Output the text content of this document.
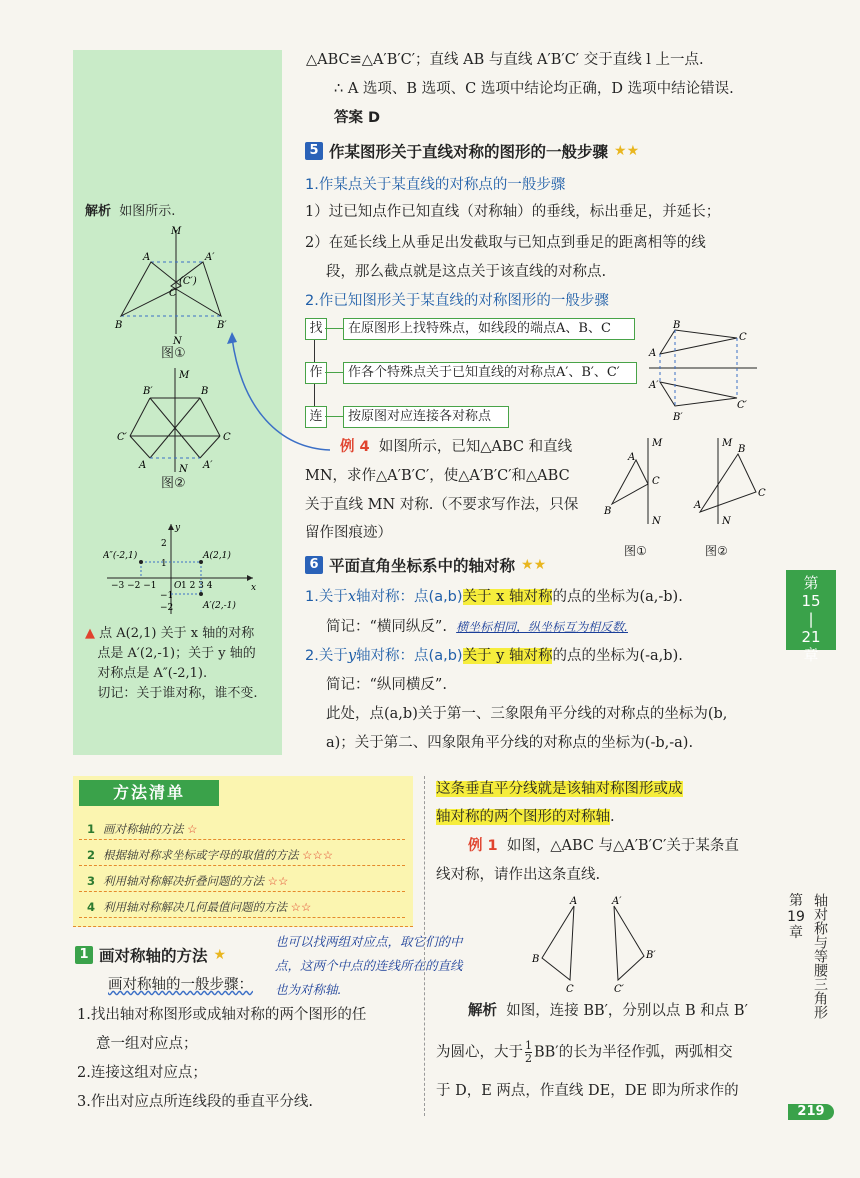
解析 如图所示.
M
A	A′
(C′)
C
B	B′
N
图①
M
B′	B
C′	C
A	A′
N
图②
y
x
O
A″(-2,1)	A(2,1)
A′(2,-1)
−3 −2 −1	1 2 3 4
1
−1
−2
2
▲ 点 A(2,1) 关于 x 轴的对称
点是 A′(2,-1)；关于 y 轴的
对称点是 A″(-2,1).
切记：关于谁对称，谁不变.
△ABC≌△A′B′C′；直线 AB 与直线 A′B′C′ 交于直线 l 上一点.
∴ A 选项、B 选项、C 选项中结论均正确，D 选项中结论错误.
答案 D
5 作某图形关于直线对称的图形的一般步骤 ★★
1.作某点关于某直线的对称点的一般步骤
1）过已知点作已知直线（对称轴）的垂线，标出垂足，并延长；
2）在延长线上从垂足出发截取与已知点到垂足的距离相等的线
段，那么截点就是这点关于该直线的对称点.
2.作已知图形关于某直线的对称图形的一般步骤
找	在原图形上找特殊点，如线段的端点A、B、C
作	作各个特殊点关于已知直线的对称点A′、B′、C′
连	按原图对应连接各对称点
B
A
C
A′
B′
C′
例 4 如图所示，已知△ABC 和直线
MN，求作△A′B′C′，使△A′B′C′和△ABC
关于直线 MN 对称.（不要求写作法，只保
留作图痕迹）
M
A
C
B
N
M
B
C
A
N
图①	图②
6 平面直角坐标系中的轴对称 ★★
1.关于x轴对称：点(a,b)关于 x 轴对称的点的坐标为(a,-b).
简记：“横同纵反”. 横坐标相同，纵坐标互为相反数.
2.关于y轴对称：点(a,b)关于 y 轴对称的点的坐标为(-a,b).
简记：“纵同横反”.
此处，点(a,b)关于第一、三象限角平分线的对称点的坐标为(b,
a)；关于第二、四象限角平分线的对称点的坐标为(-b,-a).
第
15
|
21
章
方法清单
1 画对称轴的方法 ☆
2 根据轴对称求坐标或字母的取值的方法 ☆☆☆
3 利用轴对称解决折叠问题的方法 ☆☆
4 利用轴对称解决几何最值问题的方法 ☆☆
1 画对称轴的方法 ★
也可以找两组对应点，取它们的中
点，这两个中点的连线所在的直线
也为对称轴.
画对称轴的一般步骤：
1.找出轴对称图形或成轴对称的两个图形的任
意一组对应点；
2.连接这组对应点；
3.作出对应点所连线段的垂直平分线.
这条垂直平分线就是该轴对称图形或成
轴对称的两个图形的对称轴.
例 1 如图，△ABC 与△A′B′C′关于某条直
线对称，请作出这条直线.
A
B
C
A′
B′
C′
解析 如图，连接 BB′，分别以点 B 和点 B′
为圆心，大于 $\frac{1}{2} BB'$的长为半径作弧，两弧相交
于 D，E 两点，作直线 DE，DE 即为所求作的
第
19
章 轴对称与等腰三角形
219
